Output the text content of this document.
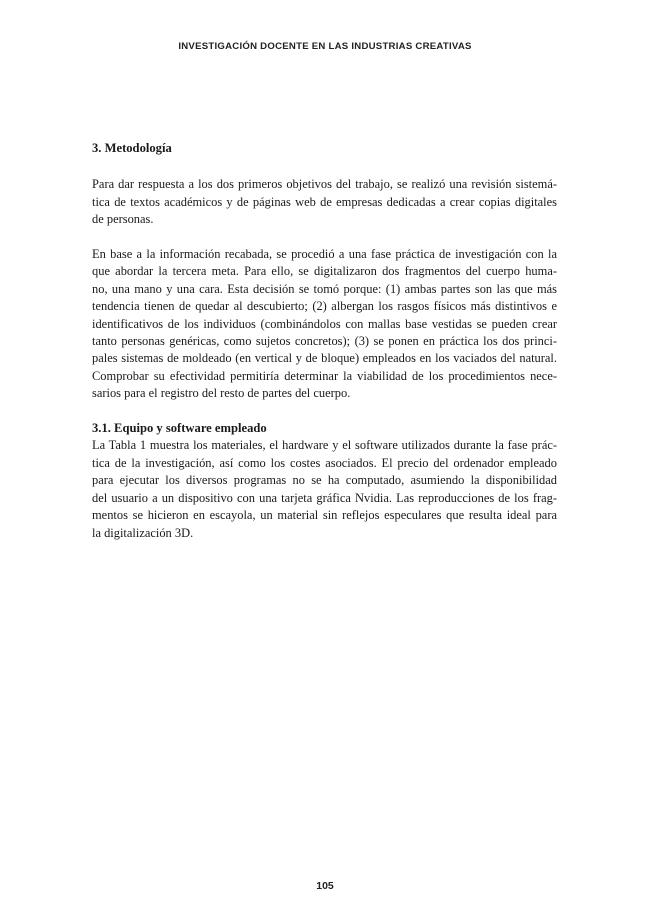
INVESTIGACIÓN DOCENTE EN LAS INDUSTRIAS CREATIVAS

3. Metodología

Para dar respuesta a los dos primeros objetivos del trabajo, se realizó una revisión sistemá-
tica de textos académicos y de páginas web de empresas dedicadas a crear copias digitales
de personas.
En base a la información recabada, se procedió a una fase práctica de investigación con la
que abordar la tercera meta. Para ello, se digitalizaron dos fragmentos del cuerpo huma-
no, una mano y una cara. Esta decisión se tomó porque: (1) ambas partes son las que más
tendencia tienen de quedar al descubierto; (2) albergan los rasgos físicos más distintivos e
identificativos de los individuos (combinándolos con mallas base vestidas se pueden crear
tanto personas genéricas, como sujetos concretos); (3) se ponen en práctica los dos princi-
pales sistemas de moldeado (en vertical y de bloque) empleados en los vaciados del natural.
Comprobar su efectividad permitiría determinar la viabilidad de los procedimientos nece-
sarios para el registro del resto de partes del cuerpo.

3.1. Equipo y software empleado

La Tabla 1 muestra los materiales, el hardware y el software utilizados durante la fase prác-
tica de la investigación, así como los costes asociados. El precio del ordenador empleado
para ejecutar los diversos programas no se ha computado, asumiendo la disponibilidad
del usuario a un dispositivo con una tarjeta gráfica Nvidia. Las reproducciones de los frag-
mentos se hicieron en escayola, un material sin reflejos especulares que resulta ideal para
la digitalización 3D.
105
